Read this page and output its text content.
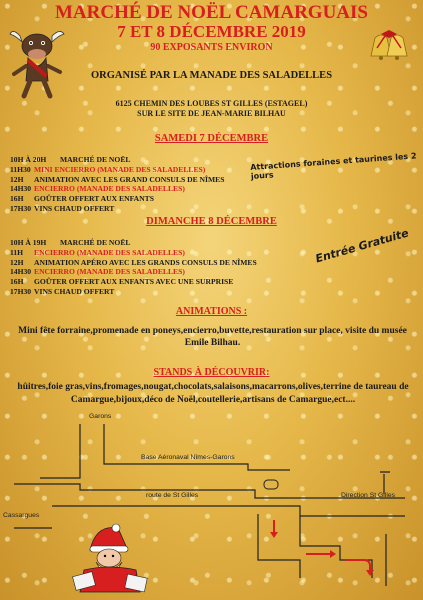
MARCHÉ DE NOËL CAMARGUAIS
7 ET 8 DÉCEMBRE 2019
90 EXPOSANTS ENVIRON
ORGANISÉ PAR LA MANADE DES SALADELLES
6125 CHEMIN DES LOUBES ST GILLES (ESTAGEL)
SUR LE SITE DE JEAN-MARIE BILHAU
SAMEDI 7 DÉCEMBRE
10H À 20H MARCHÉ DE NOËL
11H30 MINI ENCIERRO (MANADE DES SALADELLES)
12H ANIMATION AVEC LES GRAND CONSULS DE NÎMES
14H30 ENCIERRO (MANADE DES SALADELLES)
16H GOÛTER OFFERT AUX ENFANTS
17H30 VINS CHAUD OFFERT
Attractions foraines et taurines les 2 jours
DIMANCHE 8 DÉCEMBRE
10H À 19H MARCHÉ DE NOËL
11H ENCIERRO (MANADE DES SALADELLES)
12H ANIMATION APÉRO AVEC LES GRANDS CONSULS DE NÎMES
14H30 ENCIERRO (MANADE DES SALADELLES)
16H GOÛTER OFFERT AUX ENFANTS AVEC UNE SURPRISE
17H30 VINS CHAUD OFFERT
Entrée Gratuite
ANIMATIONS :
Mini fête forraine,promenade en poneys,encierro,buvette,restauration sur place, visite du musée Emile Bilhau.
STANDS À DÉCOUVRIR:
hûitres,foie gras,vins,fromages,nougat,chocolats,salaisons,macarrons,olives,terrine de taureau de Camargue,bijoux,déco de Noël,coutellerie,artisans de Camargue,ect....
Garons
Base Aéronaval Nîmes-Garons
route de St Gilles	Direction St Gilles
Cassargues
